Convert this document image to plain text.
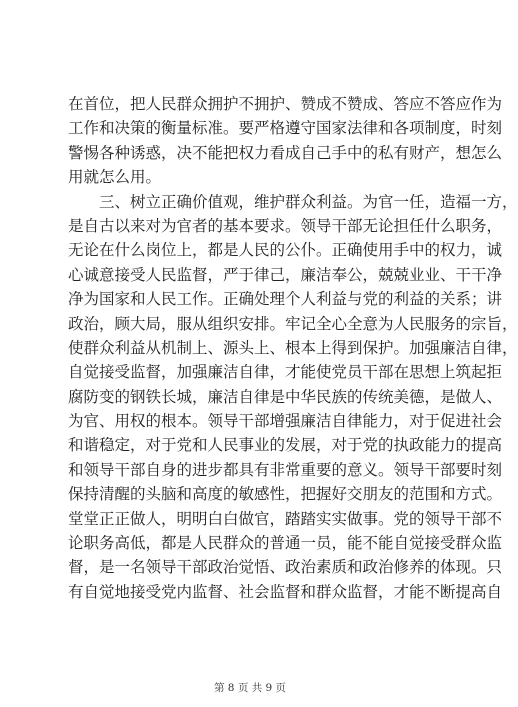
在首位，把人民群众拥护不拥护、赞成不赞成、答应不答应作为
工作和决策的衡量标准。要严格遵守国家法律和各项制度，时刻
警惕各种诱惑，决不能把权力看成自己手中的私有财产，想怎么
用就怎么用。
　　三、树立正确价值观，维护群众利益。为官一任，造福一方，
是自古以来对为官者的基本要求。领导干部无论担任什么职务，
无论在什么岗位上，都是人民的公仆。正确使用手中的权力，诚
心诚意接受人民监督，严于律己，廉洁奉公，兢兢业业、干干净
净为国家和人民工作。正确处理个人利益与党的利益的关系；讲
政治，顾大局，服从组织安排。牢记全心全意为人民服务的宗旨，
使群众利益从机制上、源头上、根本上得到保护。加强廉洁自律，
自觉接受监督，加强廉洁自律，才能使党员干部在思想上筑起拒
腐防变的钢铁长城，廉洁自律是中华民族的传统美德，是做人、
为官、用权的根本。领导干部增强廉洁自律能力，对于促进社会
和谐稳定，对于党和人民事业的发展，对于党的执政能力的提高
和领导干部自身的进步都具有非常重要的意义。领导干部要时刻
保持清醒的头脑和高度的敏感性，把握好交朋友的范围和方式。
堂堂正正做人，明明白白做官，踏踏实实做事。党的领导干部不
论职务高低，都是人民群众的普通一员，能不能自觉接受群众监
督，是一名领导干部政治觉悟、政治素质和政治修养的体现。只
有自觉地接受党内监督、社会监督和群众监督，才能不断提高自
第 8 页 共 9 页
